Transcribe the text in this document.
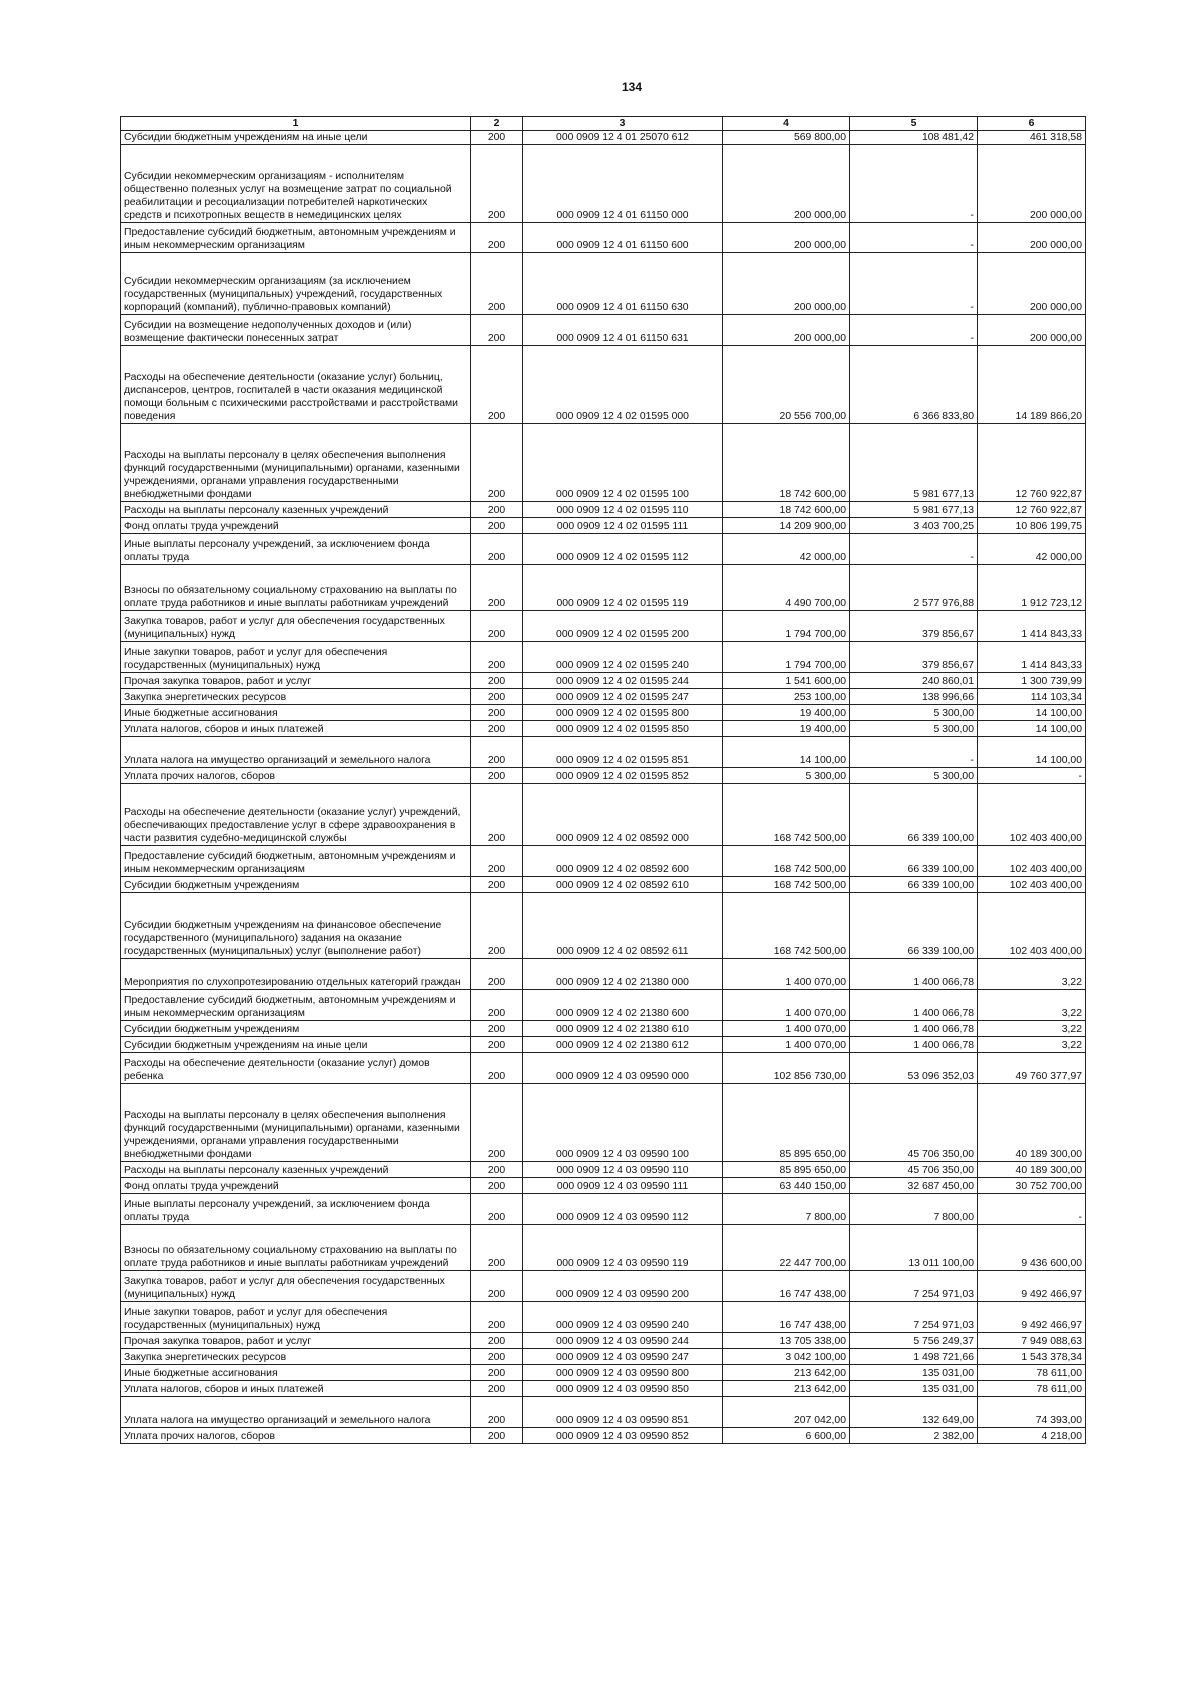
134
1	2	3	4	5	6
Субсидии бюджетным учреждениям на иные цели	200	000 0909 12 4 01 25070 612	569 800,00	108 481,42	461 318,58
Субсидии некоммерческим организациям - исполнителям общественно полезных услуг на возмещение затрат по социальной реабилитации и ресоциализации потребителей наркотических средств и психотропных веществ в немедицинских целях	200	000 0909 12 4 01 61150 000	200 000,00	-	200 000,00
Предоставление субсидий бюджетным, автономным учреждениям и иным некоммерческим организациям	200	000 0909 12 4 01 61150 600	200 000,00	-	200 000,00
Субсидии некоммерческим организациям (за исключением государственных (муниципальных) учреждений, государственных корпораций (компаний), публично-правовых компаний)	200	000 0909 12 4 01 61150 630	200 000,00	-	200 000,00
Субсидии на возмещение недополученных доходов и (или) возмещение фактически понесенных затрат	200	000 0909 12 4 01 61150 631	200 000,00	-	200 000,00
Расходы на обеспечение деятельности (оказание услуг) больниц, диспансеров, центров, госпиталей в части оказания медицинской помощи больным с психическими расстройствами и расстройствами поведения	200	000 0909 12 4 02 01595 000	20 556 700,00	6 366 833,80	14 189 866,20
Расходы на выплаты персоналу в целях обеспечения выполнения функций государственными (муниципальными) органами, казенными учреждениями, органами управления государственными внебюджетными фондами	200	000 0909 12 4 02 01595 100	18 742 600,00	5 981 677,13	12 760 922,87
Расходы на выплаты персоналу казенных учреждений	200	000 0909 12 4 02 01595 110	18 742 600,00	5 981 677,13	12 760 922,87
Фонд оплаты труда учреждений	200	000 0909 12 4 02 01595 111	14 209 900,00	3 403 700,25	10 806 199,75
Иные выплаты персоналу учреждений, за исключением фонда оплаты труда	200	000 0909 12 4 02 01595 112	42 000,00	-	42 000,00
Взносы по обязательному социальному страхованию на выплаты по оплате труда работников и иные выплаты работникам учреждений	200	000 0909 12 4 02 01595 119	4 490 700,00	2 577 976,88	1 912 723,12
Закупка товаров, работ и услуг для обеспечения государственных (муниципальных) нужд	200	000 0909 12 4 02 01595 200	1 794 700,00	379 856,67	1 414 843,33
Иные закупки товаров, работ и услуг для обеспечения государственных (муниципальных) нужд	200	000 0909 12 4 02 01595 240	1 794 700,00	379 856,67	1 414 843,33
Прочая закупка товаров, работ и услуг	200	000 0909 12 4 02 01595 244	1 541 600,00	240 860,01	1 300 739,99
Закупка энергетических ресурсов	200	000 0909 12 4 02 01595 247	253 100,00	138 996,66	114 103,34
Иные бюджетные ассигнования	200	000 0909 12 4 02 01595 800	19 400,00	5 300,00	14 100,00
Уплата налогов, сборов и иных платежей	200	000 0909 12 4 02 01595 850	19 400,00	5 300,00	14 100,00
Уплата налога на имущество организаций и земельного налога	200	000 0909 12 4 02 01595 851	14 100,00	-	14 100,00
Уплата прочих налогов, сборов	200	000 0909 12 4 02 01595 852	5 300,00	5 300,00	-
Расходы на обеспечение деятельности (оказание услуг) учреждений, обеспечивающих предоставление услуг в сфере здравоохранения в части развития судебно-медицинской службы	200	000 0909 12 4 02 08592 000	168 742 500,00	66 339 100,00	102 403 400,00
Предоставление субсидий бюджетным, автономным учреждениям и иным некоммерческим организациям	200	000 0909 12 4 02 08592 600	168 742 500,00	66 339 100,00	102 403 400,00
Субсидии бюджетным учреждениям	200	000 0909 12 4 02 08592 610	168 742 500,00	66 339 100,00	102 403 400,00
Субсидии бюджетным учреждениям на финансовое обеспечение государственного (муниципального) задания на оказание государственных (муниципальных) услуг (выполнение работ)	200	000 0909 12 4 02 08592 611	168 742 500,00	66 339 100,00	102 403 400,00
Мероприятия по слухопротезированию отдельных категорий граждан	200	000 0909 12 4 02 21380 000	1 400 070,00	1 400 066,78	3,22
Предоставление субсидий бюджетным, автономным учреждениям и иным некоммерческим организациям	200	000 0909 12 4 02 21380 600	1 400 070,00	1 400 066,78	3,22
Субсидии бюджетным учреждениям	200	000 0909 12 4 02 21380 610	1 400 070,00	1 400 066,78	3,22
Субсидии бюджетным учреждениям на иные цели	200	000 0909 12 4 02 21380 612	1 400 070,00	1 400 066,78	3,22
Расходы на обеспечение деятельности (оказание услуг) домов ребенка	200	000 0909 12 4 03 09590 000	102 856 730,00	53 096 352,03	49 760 377,97
Расходы на выплаты персоналу в целях обеспечения выполнения функций государственными (муниципальными) органами, казенными учреждениями, органами управления государственными внебюджетными фондами	200	000 0909 12 4 03 09590 100	85 895 650,00	45 706 350,00	40 189 300,00
Расходы на выплаты персоналу казенных учреждений	200	000 0909 12 4 03 09590 110	85 895 650,00	45 706 350,00	40 189 300,00
Фонд оплаты труда учреждений	200	000 0909 12 4 03 09590 111	63 440 150,00	32 687 450,00	30 752 700,00
Иные выплаты персоналу учреждений, за исключением фонда оплаты труда	200	000 0909 12 4 03 09590 112	7 800,00	7 800,00	-
Взносы по обязательному социальному страхованию на выплаты по оплате труда работников и иные выплаты работникам учреждений	200	000 0909 12 4 03 09590 119	22 447 700,00	13 011 100,00	9 436 600,00
Закупка товаров, работ и услуг для обеспечения государственных (муниципальных) нужд	200	000 0909 12 4 03 09590 200	16 747 438,00	7 254 971,03	9 492 466,97
Иные закупки товаров, работ и услуг для обеспечения государственных (муниципальных) нужд	200	000 0909 12 4 03 09590 240	16 747 438,00	7 254 971,03	9 492 466,97
Прочая закупка товаров, работ и услуг	200	000 0909 12 4 03 09590 244	13 705 338,00	5 756 249,37	7 949 088,63
Закупка энергетических ресурсов	200	000 0909 12 4 03 09590 247	3 042 100,00	1 498 721,66	1 543 378,34
Иные бюджетные ассигнования	200	000 0909 12 4 03 09590 800	213 642,00	135 031,00	78 611,00
Уплата налогов, сборов и иных платежей	200	000 0909 12 4 03 09590 850	213 642,00	135 031,00	78 611,00
Уплата налога на имущество организаций и земельного налога	200	000 0909 12 4 03 09590 851	207 042,00	132 649,00	74 393,00
Уплата прочих налогов, сборов	200	000 0909 12 4 03 09590 852	6 600,00	2 382,00	4 218,00
